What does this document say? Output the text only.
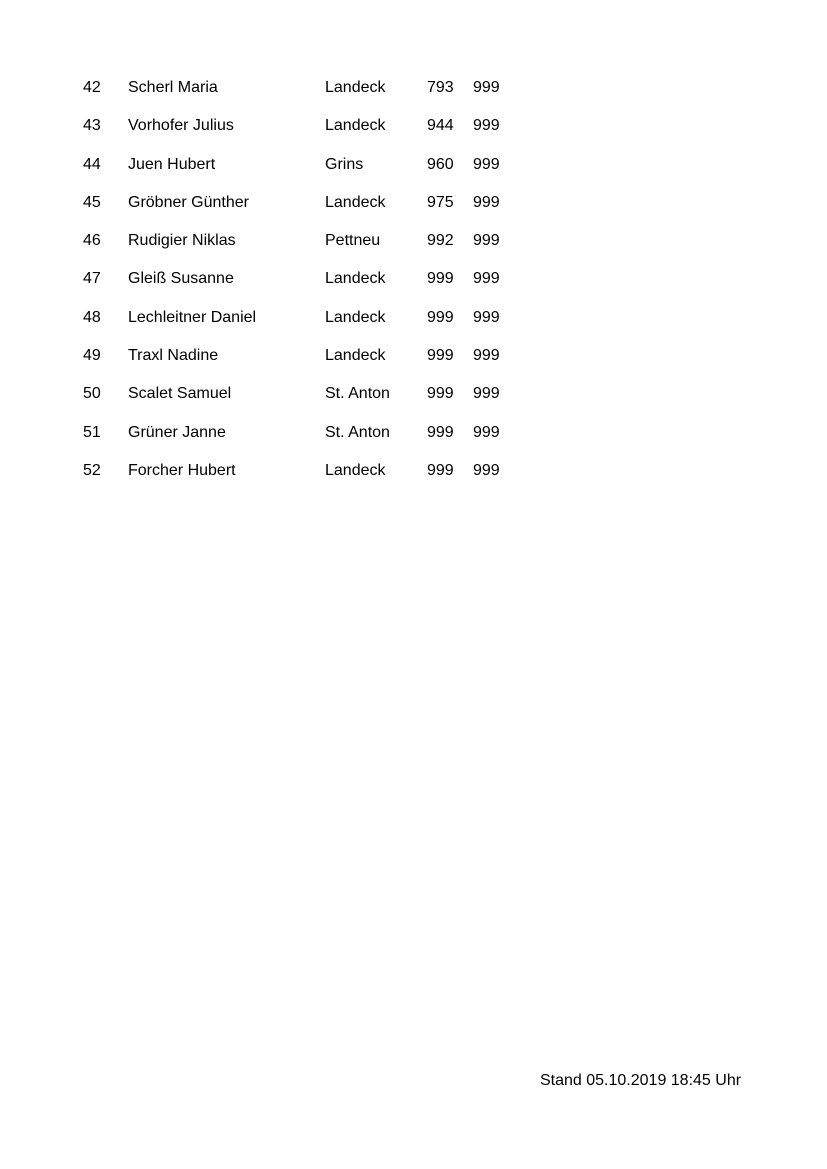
42 Scherl Maria	Landeck	793 999
43 Vorhofer Julius	Landeck	944 999
44 Juen Hubert	Grins	960 999
45 Gröbner Günther	Landeck	975 999
46 Rudigier Niklas	Pettneu	992 999
47 Gleiß Susanne	Landeck	999 999
48 Lechleitner Daniel	Landeck	999 999
49 Traxl Nadine	Landeck	999 999
50 Scalet Samuel	St. Anton 999 999
51 Grüner Janne	St. Anton 999 999
52 Forcher Hubert	Landeck	999 999
Stand 05.10.2019 18:45 Uhr
